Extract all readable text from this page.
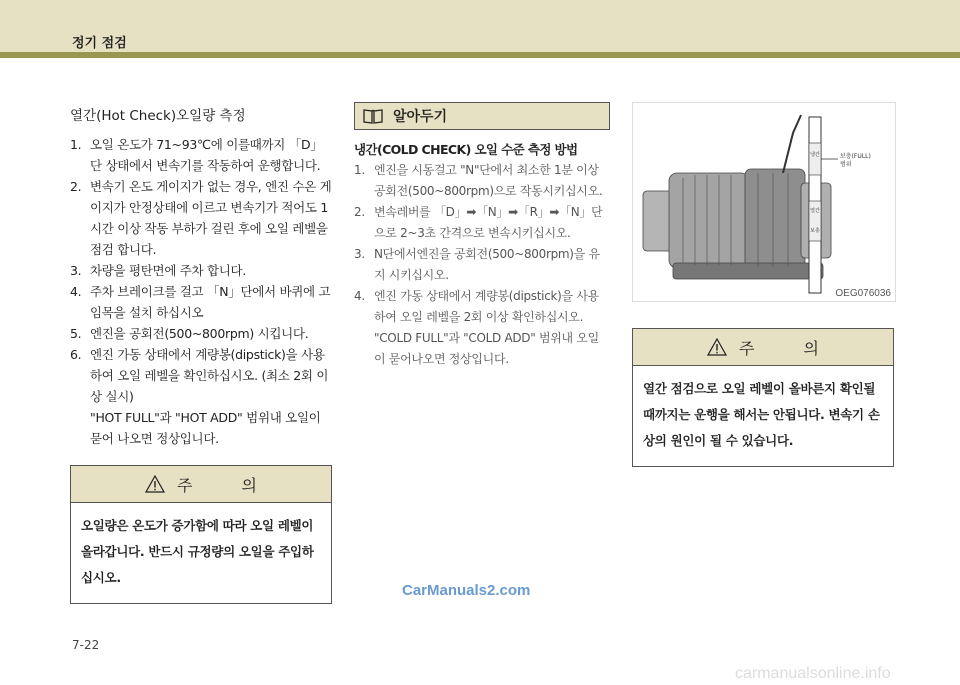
정기 점검
열간(Hot Check)오일량 측정
1. 오일 온도가 71~93℃에 이를때까지 「D」단 상태에서 변속기를 작동하여 운행합니다.
2. 변속기 온도 게이지가 없는 경우, 엔진 수온 게이지가 안정상태에 이르고 변속기가 적어도 1시간 이상 작동 부하가 걸린 후에 오일 레벨을 점검 합니다.
3. 차량을 평탄면에 주차 합니다.
4. 주차 브레이크를 걸고 「N」단에서 바퀴에 고임목을 설치 하십시오
5. 엔진을 공회전(500~800rpm) 시킵니다.
6. 엔진 가동 상태에서 계량봉(dipstick)을 사용하여 오일 레벨을 확인하십시오. (최소 2회 이상 실시)
"HOT FULL"과 "HOT ADD" 범위내 오일이 묻어 나오면 정상입니다.
주 의
오일량은 온도가 증가함에 따라 오일 레벨이 올라갑니다. 반드시 규정량의 오일을 주입하십시오.
알아두기
냉간(COLD CHECK) 오일 수준 측정 방법
1. 엔진을 시동걸고 "N"단에서 최소한 1분 이상 공회전(500~800rpm)으로 작동시키십시오.
2. 변속레버를 「D」➡「N」➡「R」➡「N」단으로 2~3초 간격으로 변속시키십시오.
3. N단에서엔진을 공회전(500~800rpm)을 유지 시키십시오.
4. 엔진 가동 상태에서 계량봉(dipstick)을 사용하여 오일 레벨을 2회 이상 확인하십시오. "COLD FULL"과 "COLD ADD" 범위내 오일이 묻어나오면 정상입니다.
냉간
열간
보충
보충(FULL)
범위
OEG076036
주 의
열간 점검으로 오일 레벨이 올바른지 확인될 때까지는 운행을 해서는 안됩니다. 변속기 손상의 원인이 될 수 있습니다.
CarManuals2.com
7-22
carmanualsonline.info
